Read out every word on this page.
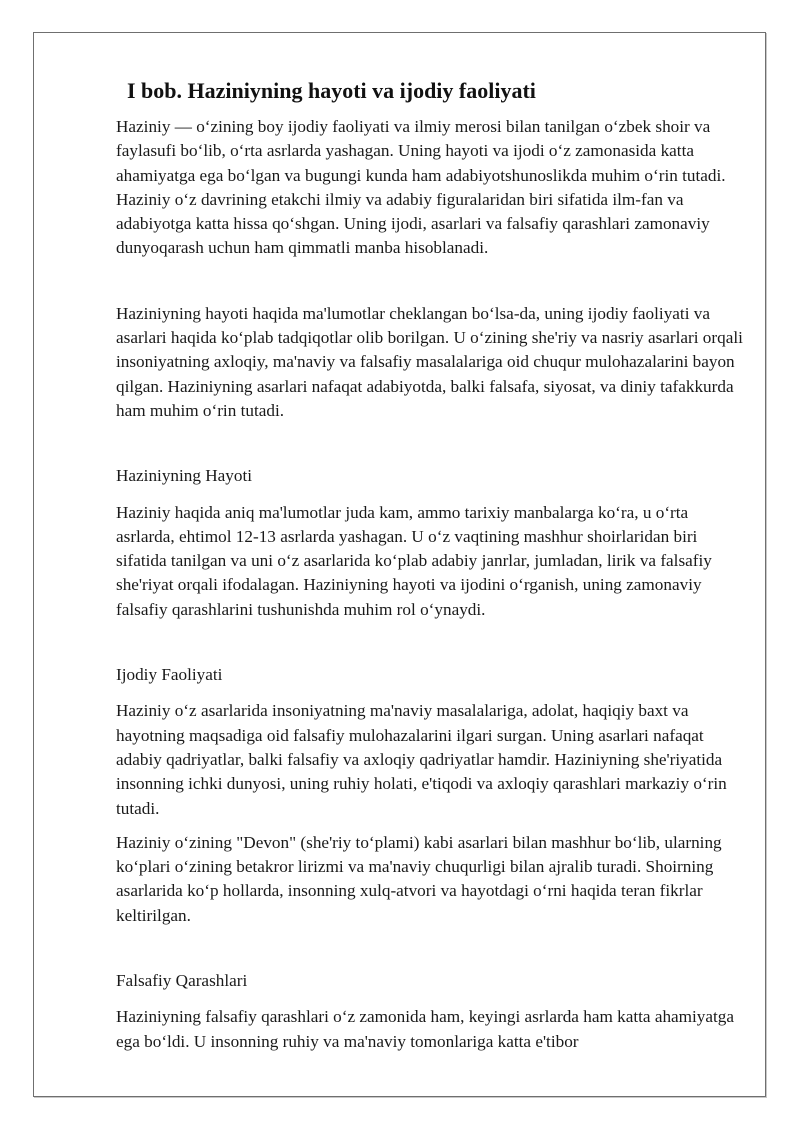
I bob. Haziniyning hayoti va ijodiy faoliyati

Haziniy — oʻzining boy ijodiy faoliyati va ilmiy merosi bilan tanilgan oʻzbek shoir va faylasufi boʻlib, oʻrta asrlarda yashagan. Uning hayoti va ijodi oʻz zamonasida katta ahamiyatga ega boʻlgan va bugungi kunda ham adabiyotshunoslikda muhim oʻrin tutadi. Haziniy oʻz davrining etakchi ilmiy va adabiy figuralaridan biri sifatida ilm-fan va adabiyotga katta hissa qoʻshgan. Uning ijodi, asarlari va falsafiy qarashlari zamonaviy dunyoqarash uchun ham qimmatli manba hisoblanadi.

Haziniyning hayoti haqida ma'lumotlar cheklangan boʻlsa-da, uning ijodiy faoliyati va asarlari haqida koʻplab tadqiqotlar olib borilgan. U oʻzining she'riy va nasriy asarlari orqali insoniyatning axloqiy, ma'naviy va falsafiy masalalariga oid chuqur mulohazalarini bayon qilgan. Haziniyning asarlari nafaqat adabiyotda, balki falsafa, siyosat, va diniy tafakkurda ham muhim oʻrin tutadi.

Haziniyning Hayoti

Haziniy haqida aniq ma'lumotlar juda kam, ammo tarixiy manbalarga koʻra, u oʻrta asrlarda, ehtimol 12-13 asrlarda yashagan. U oʻz vaqtining mashhur shoirlaridan biri sifatida tanilgan va uni oʻz asarlarida koʻplab adabiy janrlar, jumladan, lirik va falsafiy she'riyat orqali ifodalagan. Haziniyning hayoti va ijodini oʻrganish, uning zamonaviy falsafiy qarashlarini tushunishda muhim rol oʻynaydi.

Ijodiy Faoliyati

Haziniy oʻz asarlarida insoniyatning ma'naviy masalalariga, adolat, haqiqiy baxt va hayotning maqsadiga oid falsafiy mulohazalarini ilgari surgan. Uning asarlari nafaqat adabiy qadriyatlar, balki falsafiy va axloqiy qadriyatlar hamdir. Haziniyning she'riyatida insonning ichki dunyosi, uning ruhiy holati, e'tiqodi va axloqiy qarashlari markaziy oʻrin tutadi.

Haziniy oʻzining "Devon" (she'riy toʻplami) kabi asarlari bilan mashhur boʻlib, ularning koʻplari oʻzining betakror lirizmi va ma'naviy chuqurligi bilan ajralib turadi. Shoirning asarlarida koʻp hollarda, insonning xulq-atvori va hayotdagi oʻrni haqida teran fikrlar keltirilgan.

Falsafiy Qarashlari

Haziniyning falsafiy qarashlari oʻz zamonida ham, keyingi asrlarda ham katta ahamiyatga ega boʻldi. U insonning ruhiy va ma'naviy tomonlariga katta e'tibor
